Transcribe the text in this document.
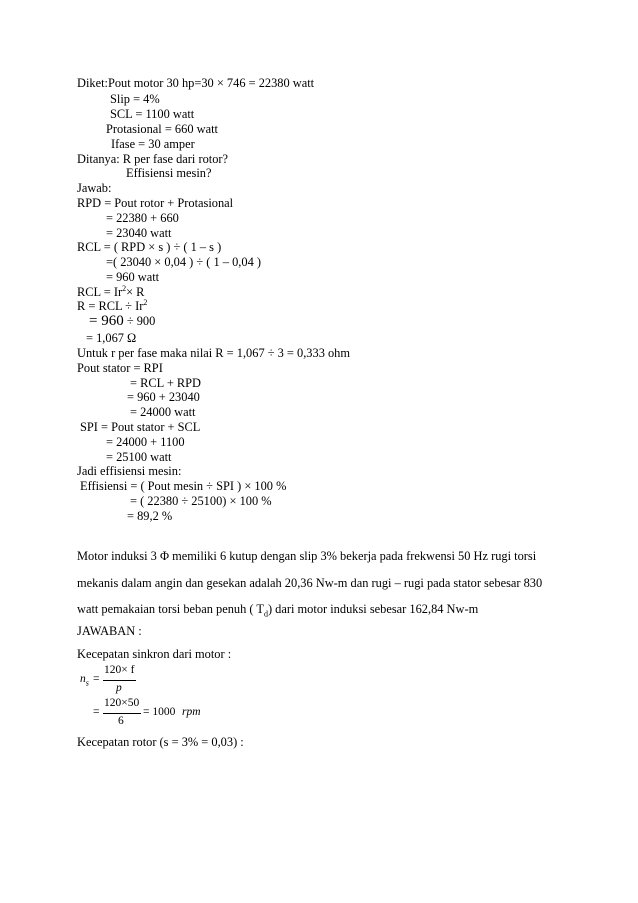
Diket:Pout motor 30 hp=30 × 746 = 22380 watt
Slip = 4%
SCL = 1100 watt
Protasional = 660 watt
Ifase = 30 amper
Ditanya: R per fase dari rotor?
Effisiensi mesin?
Jawab:
RPD = Pout rotor + Protasional
= 22380 + 660
= 23040 watt
RCL = ( RPD × s ) ÷ ( 1 – s )
=( 23040 × 0,04 ) ÷ ( 1 – 0,04 )
= 960 watt
RCL = $Ir^2\times R$
R = RCL ÷ $Ir^2$
= 960 ÷ 900
= 1,067 Ω
Untuk r per fase maka nilai R = 1,067 ÷ 3 = 0,333 ohm
Pout stator = RPI
= RCL + RPD
= 960 + 23040
= 24000 watt
SPI = Pout stator + SCL
= 24000 + 1100
= 25100 watt
Jadi effisiensi mesin:
Effisiensi = ( Pout mesin ÷ SPI ) × 100 %
= ( 22380 ÷ 25100) × 100 %
= 89,2 %
Motor induksi 3 Φ memiliki 6 kutup dengan slip 3% bekerja pada frekwensi 50 Hz rugi torsi
mekanis dalam angin dan gesekan adalah 20,36 Nw-m dan rugi – rugi pada stator sebesar 830
watt pemakaian torsi beban penuh ( $T_d$) dari motor induksi sebesar 162,84 Nw-m
JAWABAN :
Kecepatan sinkron dari motor :
$n_s$ =
120× f
p
=
120×50
6
= 1000 rpm
Kecepatan rotor (s = 3% = 0,03) :
